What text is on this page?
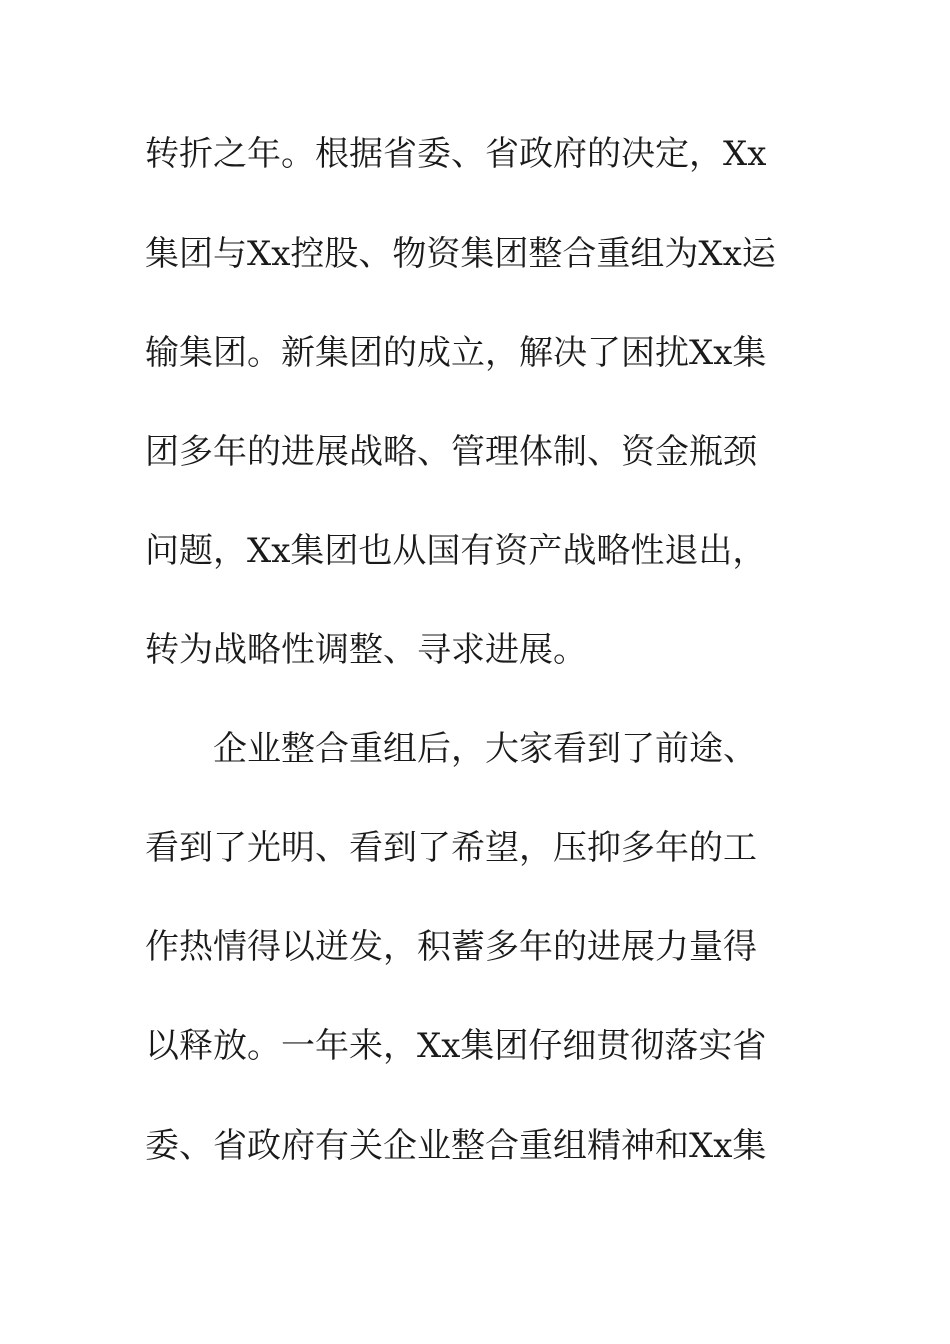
转折之年。根据省委、省政府的决定，Xx
集团与Xx控股、物资集团整合重组为Xx运
输集团。新集团的成立，解决了困扰Xx集
团多年的进展战略、管理体制、资金瓶颈
问题，Xx集团也从国有资产战略性退出，
转为战略性调整、寻求进展。
企业整合重组后，大家看到了前途、
看到了光明、看到了希望，压抑多年的工
作热情得以迸发，积蓄多年的进展力量得
以释放。一年来，Xx集团仔细贯彻落实省
委、省政府有关企业整合重组精神和Xx集
